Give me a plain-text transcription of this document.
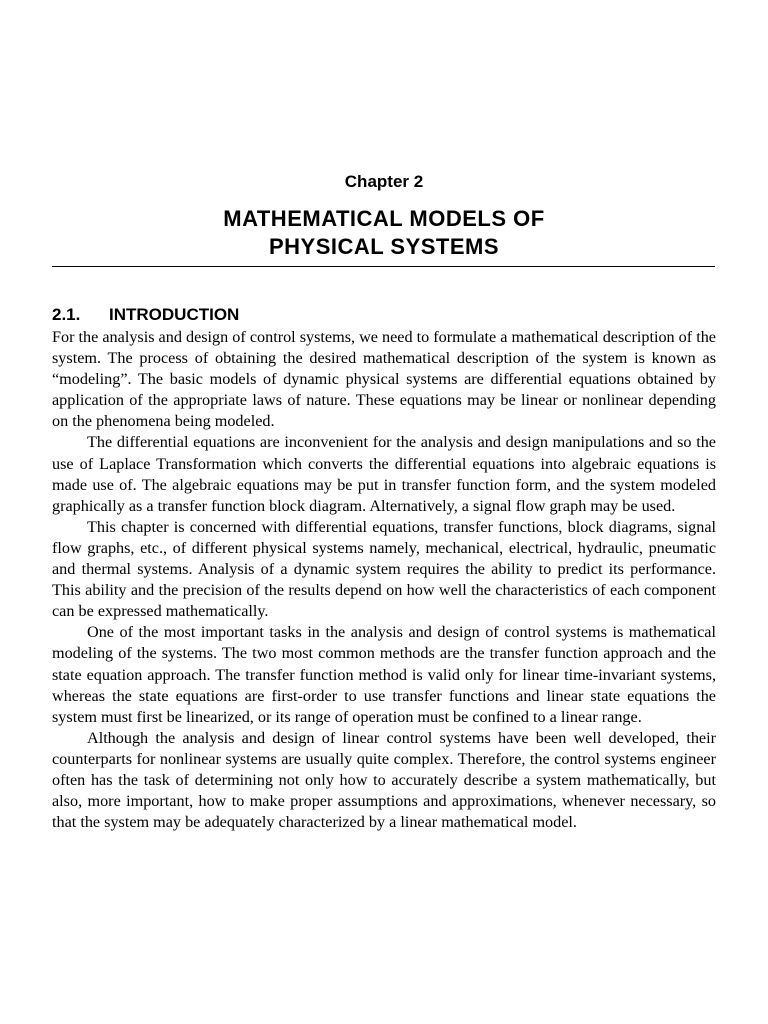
Chapter 2
MATHEMATICAL MODELS OF
PHYSICAL SYSTEMS
2.1. INTRODUCTION

For the analysis and design of control systems, we need to formulate a mathematical description of the system. The process of obtaining the desired mathematical description of the system is known as “modeling”. The basic models of dynamic physical systems are differential equations obtained by application of the appropriate laws of nature. These equations may be linear or nonlinear depending on the phenomena being modeled.

The differential equations are inconvenient for the analysis and design manipulations and so the use of Laplace Transformation which converts the differential equations into algebraic equations is made use of. The algebraic equations may be put in transfer function form, and the system modeled graphically as a transfer function block diagram. Alternatively, a signal flow graph may be used.

This chapter is concerned with differential equations, transfer functions, block diagrams, signal flow graphs, etc., of different physical systems namely, mechanical, electrical, hydraulic, pneumatic and thermal systems. Analysis of a dynamic system requires the ability to predict its performance. This ability and the precision of the results depend on how well the characteristics of each component can be expressed mathematically.

One of the most important tasks in the analysis and design of control systems is mathematical modeling of the systems. The two most common methods are the transfer function approach and the state equation approach. The transfer function method is valid only for linear time-invariant systems, whereas the state equations are first-order to use transfer functions and linear state equations the system must first be linearized, or its range of operation must be confined to a linear range.

Although the analysis and design of linear control systems have been well developed, their counterparts for nonlinear systems are usually quite complex. Therefore, the control systems engineer often has the task of determining not only how to accurately describe a system mathematically, but also, more important, how to make proper assumptions and approximations, whenever necessary, so that the system may be adequately characterized by a linear mathematical model.
